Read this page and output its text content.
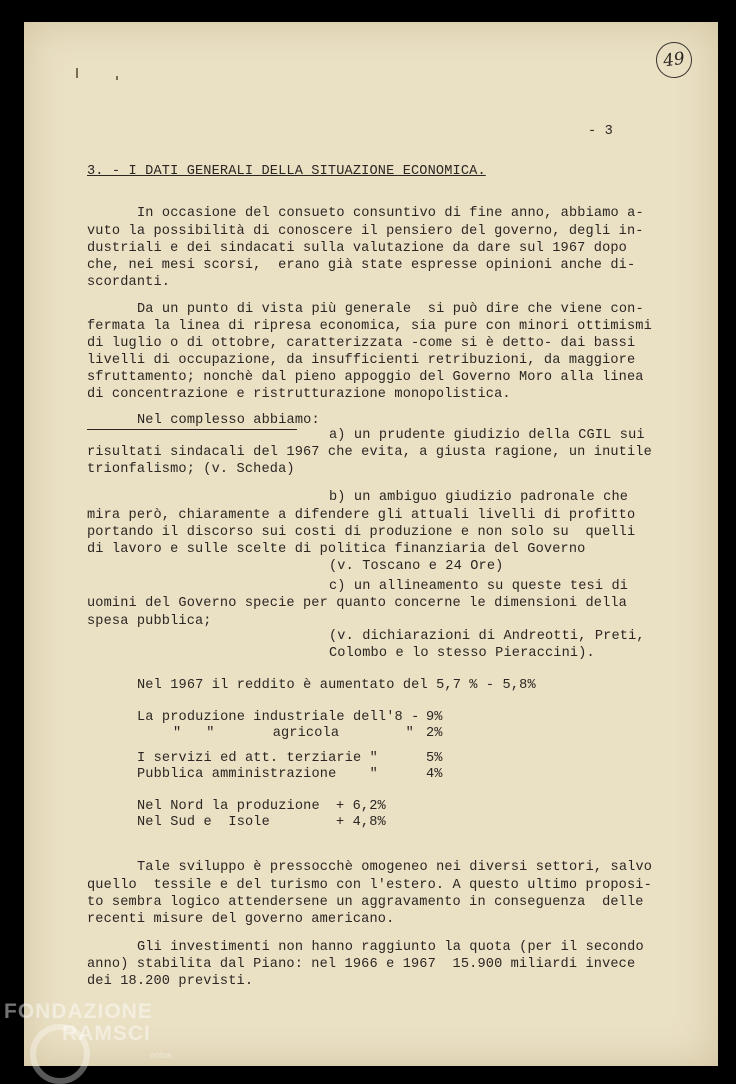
49
- 3
3. - I DATI GENERALI DELLA SITUAZIONE ECONOMICA.
In occasione del consueto consuntivo di fine anno, abbiamo a-
vuto la possibilità di conoscere il pensiero del governo, degli in-
dustriali e dei sindacati sulla valutazione da dare sul 1967 dopo
che, nei mesi scorsi,  erano già state espresse opinioni anche di-
scordanti.
Da un punto di vista più generale  si può dire che viene con-
fermata la linea di ripresa economica, sia pure con minori ottimismi
di luglio o di ottobre, caratterizzata -come si è detto- dai bassi
livelli di occupazione, da insufficienti retribuzioni, da maggiore
sfruttamento; nonchè dal pieno appoggio del Governo Moro alla linea
di concentrazione e ristrutturazione monopolistica.
Nel complesso abbiamo:
a) un prudente giudizio della CGIL sui
risultati sindacali del 1967 che evita, a giusta ragione, un inutile
trionfalismo; (v. Scheda)
b) un ambiguo giudizio padronale che
mira però, chiaramente a difendere gli attuali livelli di profitto
portando il discorso sui costi di produzione e non solo su  quelli
di lavoro e sulle scelte di politica finanziaria del Governo
(v. Toscano e 24 Ore)
c) un allineamento su queste tesi di
uomini del Governo specie per quanto concerne le dimensioni della
spesa pubblica;
(v. dichiarazioni di Andreotti, Preti,
Colombo e lo stesso Pieraccini).
Nel 1967 il reddito è aumentato del 5,7 % - 5,8%
La produzione industriale dell'8 - 9%
"   "       agricola        " 2%
I servizi ed att. terziarie "	5%
Pubblica amministrazione    "	4%
Nel Nord la produzione + 6,2%
Nel Sud e  Isole	+ 4,8%
Tale sviluppo è pressocchè omogeneo nei diversi settori, salvo
quello  tessile e del turismo con l'estero. A questo ultimo proposi-
to sembra logico attendersene un aggravamento in conseguenza  delle
recenti misure del governo americano.
Gli investimenti non hanno raggiunto la quota (per il secondo
anno) stabilita dal Piano: nel 1966 e 1967  15.900 miliardi invece
dei 18.200 previsti.
FONDAZIONE
RAMSCI
onlus
